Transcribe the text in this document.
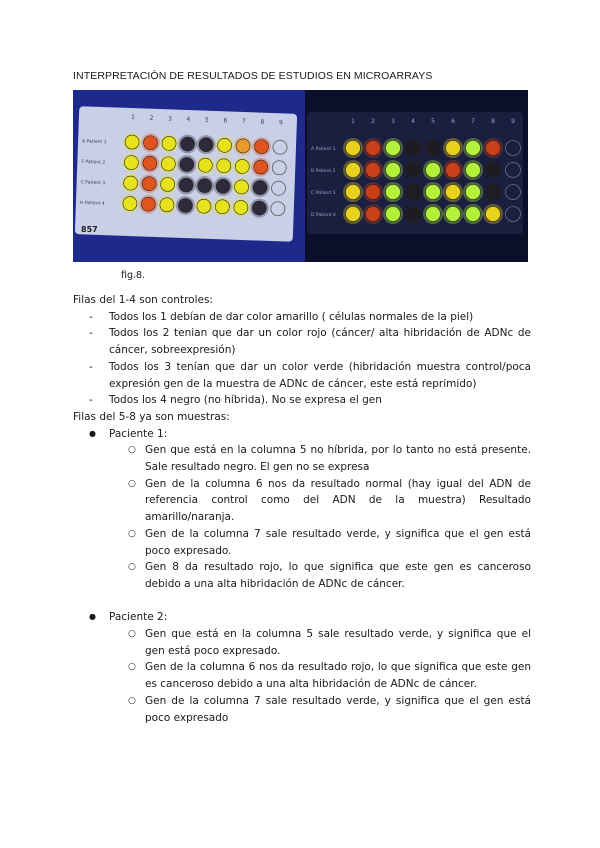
INTERPRETACIÓN DE RESULTADOS DE ESTUDIOS EN MICROARRAYS
1 2 3 4 5 6 7 8 9
A Patient 1
F Patient 2
C Patient 3
H Patient 4
857
1	2	3	4	5	6	7	8	9
A Patient 1
B Patient 2
C Patient 3
D Patient 4
fig.8.

Filas del 1-4 son controles:

- Todos los 1 debían de dar color amarillo ( células normales de la piel)
- Todos los 2 tenian que dar un color rojo (cáncer/ alta hibridación de ADNc de cáncer, sobreexpresión)
- Todos los 3 tenían que dar un color verde (hibridación muestra control/poca expresión gen de la muestra de ADNc de cáncer, este está reprimido)
- Todos los 4 negro (no híbrida). No se expresa el gen

Filas del 5-8 ya son muestras:

● Paciente 1:
○ Gen que está en la columna 5 no híbrida, por lo tanto no está presente. Sale resultado negro. El gen no se expresa
○ Gen de la columna 6 nos da resultado normal (hay igual del ADN de referencia control como del ADN de la muestra) Resultado amarillo/naranja.
○ Gen de la columna 7 sale resultado verde, y significa que el gen está poco expresado.
○ Gen 8 da resultado rojo, lo que significa que este gen es canceroso debido a una alta hibridación de ADNc de cáncer.
● Paciente 2:
○ Gen que está en la columna 5 sale resultado verde, y significa que el gen está poco expresado.
○ Gen de la columna 6 nos da resultado rojo, lo que significa que este gen es canceroso debido a una alta hibridación de ADNc de cáncer.
○ Gen de la columna 7 sale resultado verde, y significa que el gen está poco expresado
